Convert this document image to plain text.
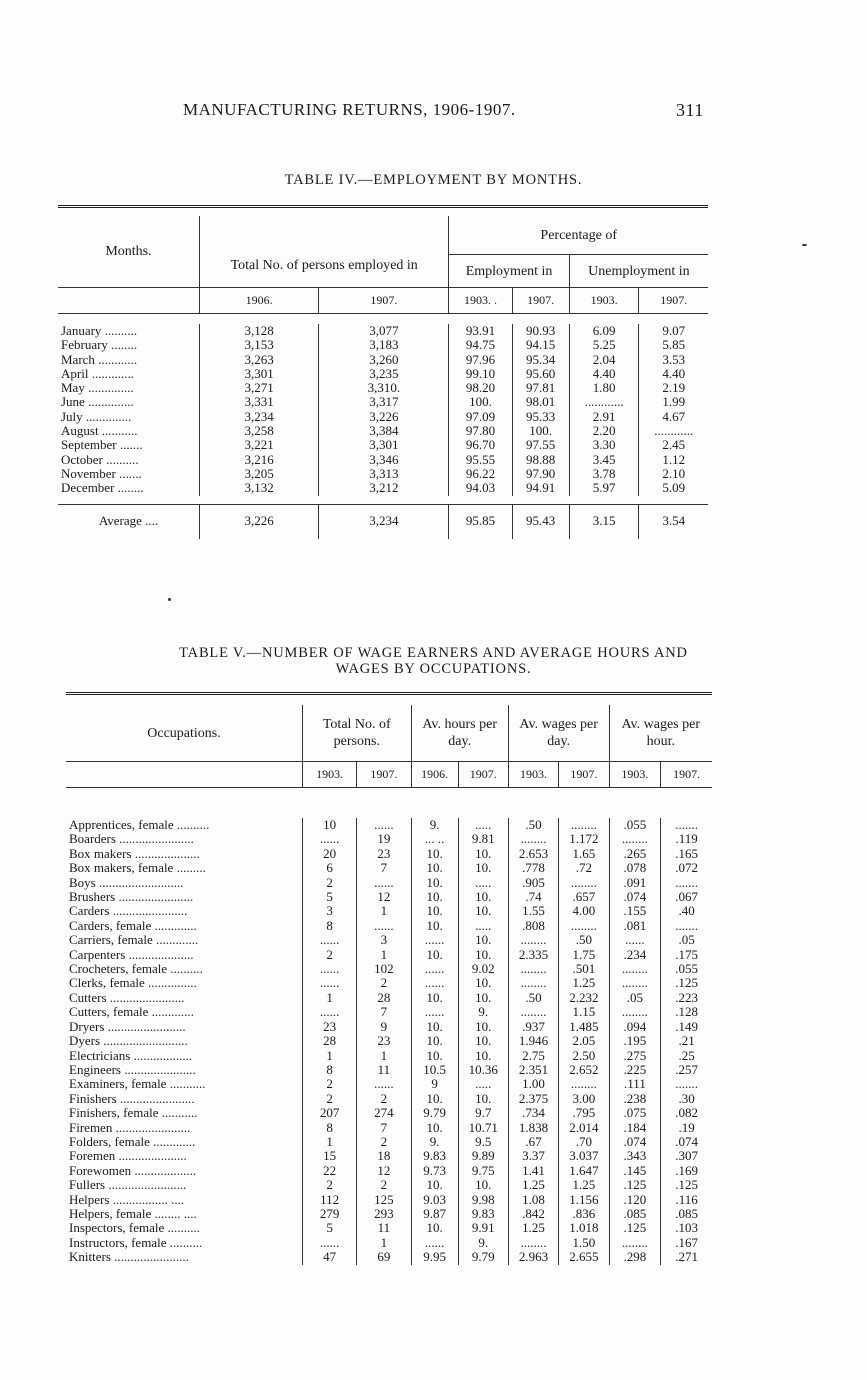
MANUFACTURING RETURNS, 1906-1907.	311
TABLE IV.—EMPLOYMENT BY MONTHS.

Months.	Total No. of persons employed in		Percentage of			
			Employment in		Unemployment in	
	1906.	1907.	1903. .	1907.	1903.	1907.

January ..........	3,128	3,077	93.91	90.93	6.09	9.07
February ........	3,153	3,183	94.75	94.15	5.25	5.85
March ............	3,263	3,260	97.96	95.34	2.04	3.53
April .............	3,301	3,235	99.10	95.60	4.40	4.40
May ..............	3,271	3,310.	98.20	97.81	1.80	2.19
June ..............	3,331	3,317	100.	98.01	............	1.99
July ..............	3,234	3,226	97.09	95.33	2.91	4.67
August ...........	3,258	3,384	97.80	100.	2.20	............
September .......	3,221	3,301	96.70	97.55	3.30	2.45
October ..........	3,216	3,346	95.55	98.88	3.45	1.12
November .......	3,205	3,313	96.22	97.90	3.78	2.10
December ........	3,132	3,212	94.03	94.91	5.97	5.09

Average ....	3,226	3,234	95.85	95.43	3.15	3.54
TABLE V.—NUMBER OF WAGE EARNERS AND AVERAGE HOURS AND
WAGES BY OCCUPATIONS.

Occupations.	Total No. of persons.		Av. hours per day.		Av. wages per day.		Av. wages per hour.	
	1903.	1907.	1906.	1907.	1903.	1907.	1903.	1907.

Apprentices, female ..........	10	......	9.	.....	.50	........	.055	.......
Boarders .......................	......	19	... ..	9.81	........	1.172	........	.119
Box makers ....................	20	23	10.	10.	2.653	1.65	.265	.165
Box makers, female .........	6	7	10.	10.	.778	.72	.078	.072
Boys ..........................	2	......	10.	.....	.905	........	.091	.......
Brushers .......................	5	12	10.	10.	.74	.657	.074	.067
Carders .......................	3	1	10.	10.	1.55	4.00	.155	.40
Carders, female .............	8	......	10.	.....	.808	........	.081	.......
Carriers, female .............	......	3	......	10.	........	.50	......	.05
Carpenters ....................	2	1	10.	10.	2.335	1.75	.234	.175
Crocheters, female ..........	......	102	......	9.02	........	.501	........	.055
Clerks, female ...............	......	2	......	10.	........	1.25	........	.125
Cutters .......................	1	28	10.	10.	.50	2.232	.05	.223
Cutters, female .............	......	7	......	9.	........	1.15	........	.128
Dryers ........................	23	9	10.	10.	.937	1.485	.094	.149
Dyers ..........................	28	23	10.	10.	1.946	2.05	.195	.21
Electricians ..................	1	1	10.	10.	2.75	2.50	.275	.25
Engineers ......................	8	11	10.5	10.36	2.351	2.652	.225	.257
Examiners, female ...........	2	......	9	.....	1.00	........	.111	.......
Finishers .......................	2	2	10.	10.	2.375	3.00	.238	.30
Finishers, female ...........	207	274	9.79	9.7	.734	.795	.075	.082
Firemen .......................	8	7	10.	10.71	1.838	2.014	.184	.19
Folders, female .............	1	2	9.	9.5	.67	.70	.074	.074
Foremen .....................	15	18	9.83	9.89	3.37	3.037	.343	.307
Forewomen ...................	22	12	9.73	9.75	1.41	1.647	.145	.169
Fullers ........................	2	2	10.	10.	1.25	1.25	.125	.125
Helpers ................. ....	112	125	9.03	9.98	1.08	1.156	.120	.116
Helpers, female ........ ....	279	293	9.87	9.83	.842	.836	.085	.085
Inspectors, female ..........	5	11	10.	9.91	1.25	1.018	.125	.103
Instructors, female ..........	......	1	......	9.	........	1.50	........	.167
Knitters .......................	47	69	9.95	9.79	2.963	2.655	.298	.271
